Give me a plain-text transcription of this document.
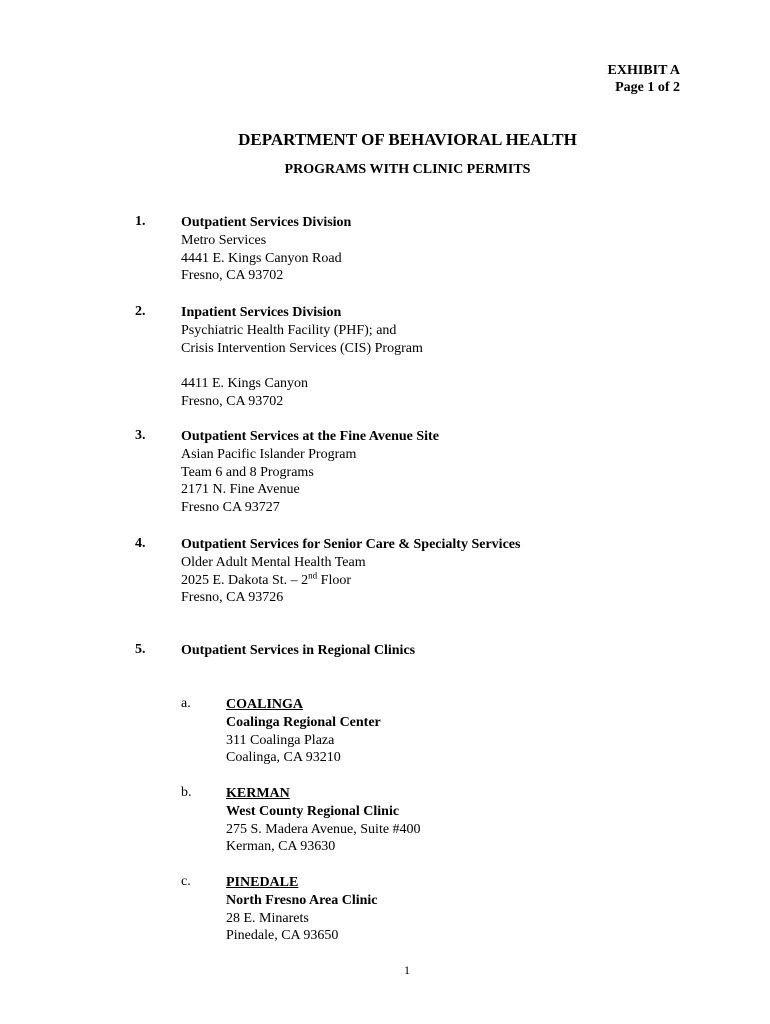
EXHIBIT A
Page 1 of 2
DEPARTMENT OF BEHAVIORAL HEALTH
PROGRAMS WITH CLINIC PERMITS
1.	Outpatient Services Division
Metro Services
4441 E. Kings Canyon Road
Fresno, CA 93702
2.	Inpatient Services Division
Psychiatric Health Facility (PHF); and
Crisis Intervention Services (CIS) Program
4411 E. Kings Canyon
Fresno, CA 93702
3.	Outpatient Services at the Fine Avenue Site
Asian Pacific Islander Program
Team 6 and 8 Programs
2171 N. Fine Avenue
Fresno CA 93727
4.	Outpatient Services for Senior Care & Specialty Services
Older Adult Mental Health Team
2025 E. Dakota St. – 2nd Floor
Fresno, CA 93726
5.	Outpatient Services in Regional Clinics
a.	COALINGA
Coalinga Regional Center
311 Coalinga Plaza
Coalinga, CA 93210
b. KERMAN
West County Regional Clinic
275 S. Madera Avenue, Suite #400
Kerman, CA 93630
c.	PINEDALE
North Fresno Area Clinic
28 E. Minarets
Pinedale, CA 93650
1
